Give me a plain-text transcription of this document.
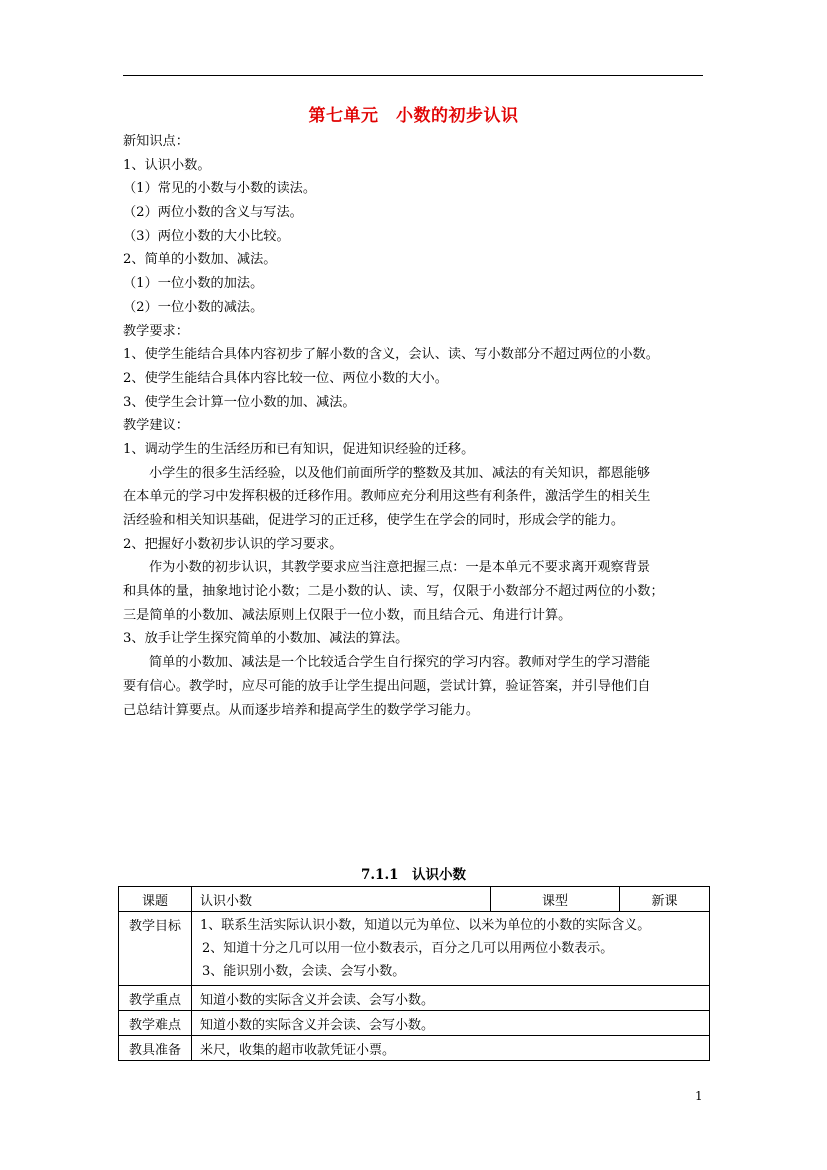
第七单元　小数的初步认识
新知识点：
1、认识小数。
（1）常见的小数与小数的读法。
（2）两位小数的含义与写法。
（3）两位小数的大小比较。
2、简单的小数加、减法。
（1）一位小数的加法。
（2）一位小数的减法。
教学要求：
1、使学生能结合具体内容初步了解小数的含义，会认、读、写小数部分不超过两位的小数。
2、使学生能结合具体内容比较一位、两位小数的大小。
3、使学生会计算一位小数的加、减法。
教学建议：
1、调动学生的生活经历和已有知识，促进知识经验的迁移。
小学生的很多生活经验，以及他们前面所学的整数及其加、减法的有关知识，都恩能够
在本单元的学习中发挥积极的迁移作用。教师应充分利用这些有利条件，激活学生的相关生
活经验和相关知识基础，促进学习的正迁移，使学生在学会的同时，形成会学的能力。
2、把握好小数初步认识的学习要求。
作为小数的初步认识，其教学要求应当注意把握三点：一是本单元不要求离开观察背景
和具体的量，抽象地讨论小数；二是小数的认、读、写，仅限于小数部分不超过两位的小数；
三是简单的小数加、减法原则上仅限于一位小数，而且结合元、角进行计算。
3、放手让学生探究简单的小数加、减法的算法。
简单的小数加、减法是一个比较适合学生自行探究的学习内容。教师对学生的学习潜能
要有信心。教学时，应尽可能的放手让学生提出问题，尝试计算，验证答案，并引导他们自
己总结计算要点。从而逐步培养和提高学生的数学学习能力。
7.1.1　认识小数
课题	认识小数	课型	新课
教学目标	1、联系生活实际认识小数，知道以元为单位、以米为单位的小数的实际含义。
2、知道十分之几可以用一位小数表示，百分之几可以用两位小数表示。
3、能识别小数，会读、会写小数。		

教学重点	知道小数的实际含义并会读、会写小数。		
教学难点	知道小数的实际含义并会读、会写小数。		
教具准备	米尺，收集的超市收款凭证小票。		
1
